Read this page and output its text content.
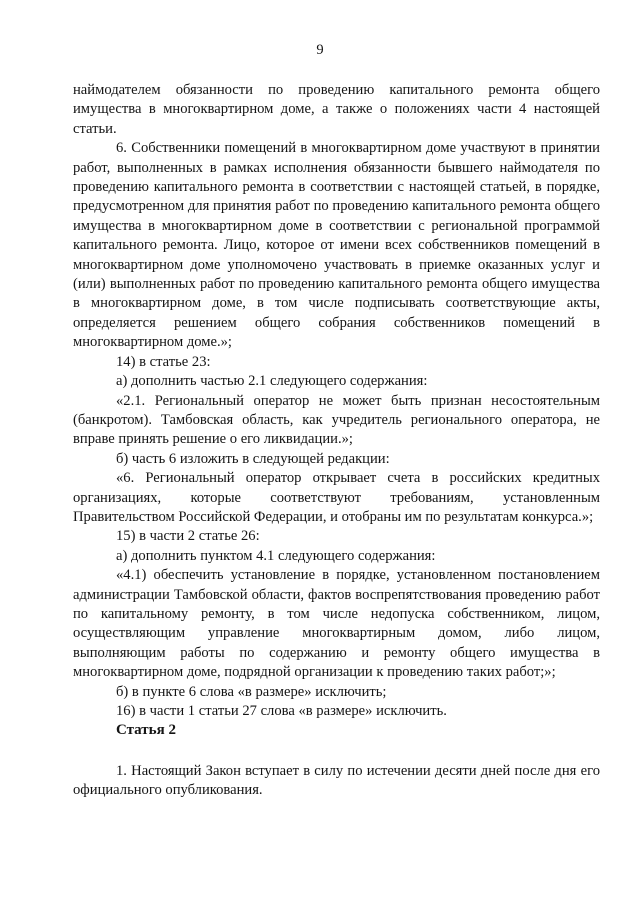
9

наймодателем обязанности по проведению капитального ремонта общего имущества в многоквартирном доме, а также о положениях части 4 настоящей статьи.

6. Собственники помещений в многоквартирном доме участвуют в принятии работ, выполненных в рамках исполнения обязанности бывшего наймодателя по проведению капитального ремонта в соответствии с настоящей статьей, в порядке, предусмотренном для принятия работ по проведению капитального ремонта общего имущества в многоквартирном доме в соответствии с региональной программой капитального ремонта. Лицо, которое от имени всех собственников помещений в многоквартирном доме уполномочено участвовать в приемке оказанных услуг и (или) выполненных работ по проведению капитального ремонта общего имущества в многоквартирном доме, в том числе подписывать соответствующие акты, определяется решением общего собрания собственников помещений в многоквартирном доме.»;

14) в статье 23:

а) дополнить частью 2.1 следующего содержания:

«2.1. Региональный оператор не может быть признан несостоятельным (банкротом). Тамбовская область, как учредитель регионального оператора, не вправе принять решение о его ликвидации.»;

б) часть 6 изложить в следующей редакции:

«6. Региональный оператор открывает счета в российских кредитных организациях, которые соответствуют требованиям, установленным Правительством Российской Федерации, и отобраны им по результатам конкурса.»;

15) в части 2 статье 26:

а) дополнить пунктом 4.1 следующего содержания:

«4.1) обеспечить установление в порядке, установленном постановлением администрации Тамбовской области, фактов воспрепятствования проведению работ по капитальному ремонту, в том числе недопуска собственником, лицом, осуществляющим управление многоквартирным домом, либо лицом, выполняющим работы по содержанию и ремонту общего имущества в многоквартирном доме, подрядной организации к проведению таких работ;»;

б) в пункте 6 слова «в размере» исключить;

16) в части 1 статьи 27 слова «в размере» исключить.

Статья 2

1. Настоящий Закон вступает в силу по истечении десяти дней после дня его официального опубликования.
